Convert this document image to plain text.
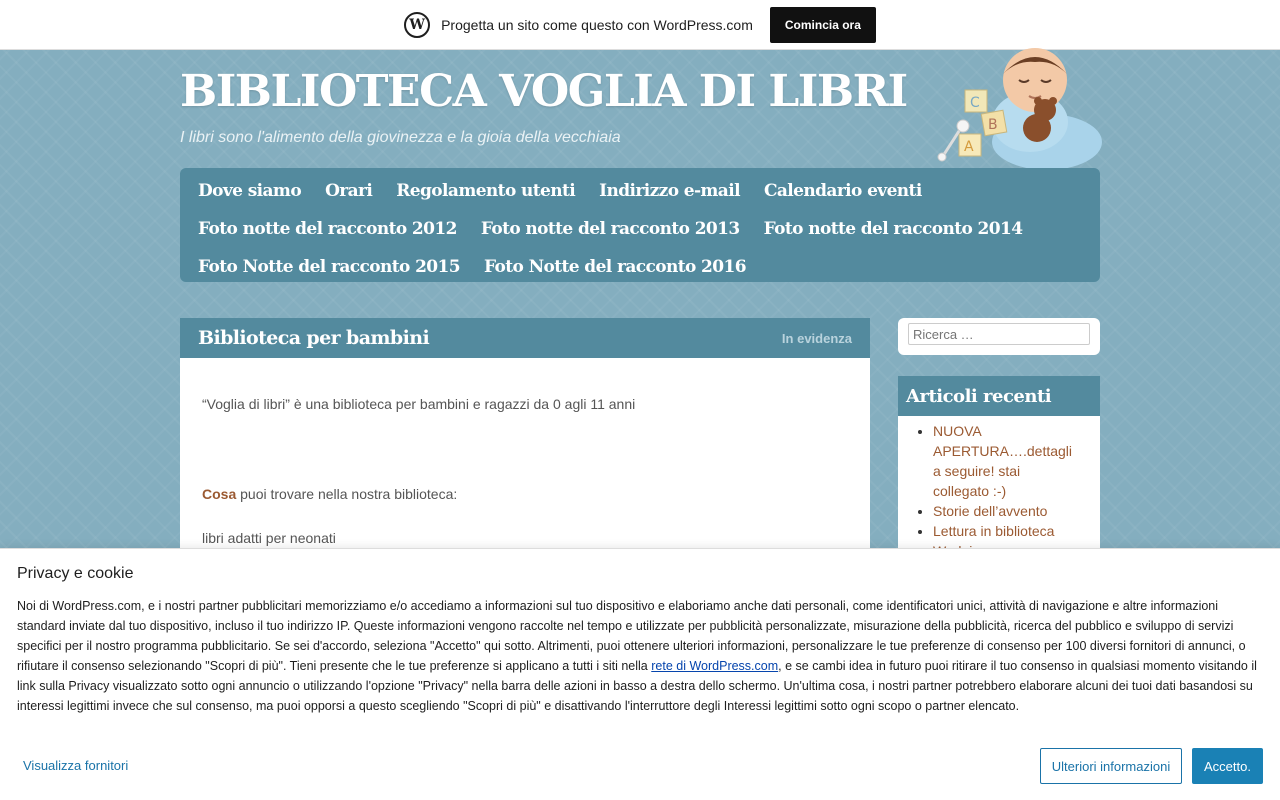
W	Progetta un sito come questo con WordPress.com	Comincia ora
BIBLIOTECA VOGLIA DI LIBRI
I libri sono l'alimento della giovinezza e la gioia della vecchiaia
C
B
A
Dove siamo Orari Regolamento utenti Indirizzo e-mail Calendario eventi
Foto notte del racconto 2012 Foto notte del racconto 2013 Foto notte del racconto 2014
Foto Notte del racconto 2015 Foto Notte del racconto 2016
Biblioteca per bambini	In evidenza

“Voglia di libri” è una biblioteca per bambini e ragazzi da 0 agli 11 anni

Cosa puoi trovare nella nostra biblioteca:

libri adatti per neonati

Ricerca …
Articoli recenti
• NUOVA APERTURA….dettagli a seguire! stai collegato :-)
• Storie dell’avvento
• Lettura in biblioteca
•
•
Privacy e cookie

Noi di WordPress.com, e i nostri partner pubblicitari memorizziamo e/o accediamo a informazioni sul tuo dispositivo e elaboriamo anche dati personali, come identificatori unici, attività di navigazione e altre informazioni standard inviate dal tuo dispositivo, incluso il tuo indirizzo IP. Queste informazioni vengono raccolte nel tempo e utilizzate per pubblicità personalizzate, misurazione della pubblicità, ricerca del pubblico e sviluppo di servizi specifici per il nostro programma pubblicitario. Se sei d'accordo, seleziona "Accetto" qui sotto. Altrimenti, puoi ottenere ulteriori informazioni, personalizzare le tue preferenze di consenso per 100 diversi fornitori di annunci, o rifiutare il consenso selezionando "Scopri di più". Tieni presente che le tue preferenze si applicano a tutti i siti nella rete di WordPress.com, e se cambi idea in futuro puoi ritirare il tuo consenso in qualsiasi momento visitando il link sulla Privacy visualizzato sotto ogni annuncio o utilizzando l'opzione "Privacy" nella barra delle azioni in basso a destra dello schermo. Un'ultima cosa, i nostri partner potrebbero elaborare alcuni dei tuoi dati basandosi su interessi legittimi invece che sul consenso, ma puoi opporsi a questo scegliendo "Scopri di più" e disattivando l'interruttore degli Interessi legittimi sotto ogni scopo o partner elencato.

Visualizza fornitori	Ulteriori informazioni	Accetto.
